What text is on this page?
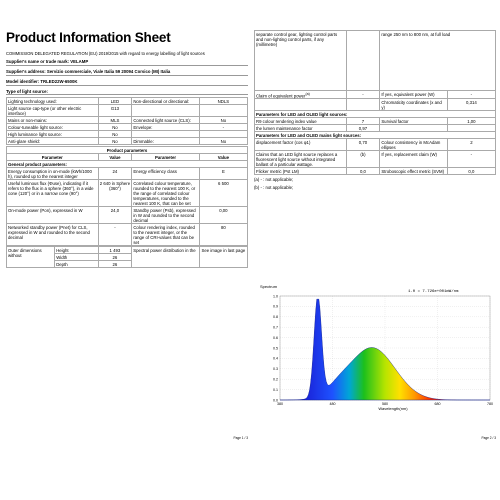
Product Information Sheet
COMMISSION DELEGATED REGULATION (EU) 2019/2015 with regard to energy labelling of light sources
Supplier's name or trade mark: VELAMP
Supplier's address: Servizio commerciale, Viale Italia 59 20094 Corsico (MI) Italia
Model identifier: TRLED22W-6500K
Type of light source:
Lighting technology used:	LED	Non-directional or directional:	NDLS
Light source cap-type (or other electric interface)	G13		
Mains or non-mains:	MLS	Connected light source (CLS):	No
Colour-tuneable light source:	No	Envelope:	-
High luminance light source:	No		
Anti-glare shield:	No	Dimmable:	No
Product parameters			
Parameter	Value	Parameter	Value
General product parameters:			
Energy consumption in on-mode (kWh/1000 h), rounded up to the nearest integer	24	Energy efficiency class	E
Useful luminous flux (Φuse), indicating if it refers to the flux in a sphere (360°), in a wide cone (120°) or in a narrow cone (90°)	2 640 in Sphere (360°)	Correlated colour temperature, rounded to the nearest 100 K, or the range of correlated colour temperatures, rounded to the nearest 100 K, that can be set	6 500
On-mode power (Pon), expressed in W	24,0	Standby power (Psb), expressed in W and rounded to the second decimal	0,00
Networked standby power (Pnet) for CLS, expressed in W and rounded to the second decimal	-	Colour rendering index, rounded to the nearest integer, or the range of CRI-values that can be set	80
Outer dimensions without	Height	1 493	Spectral power distribution in the	See image in last page
	Width	26		
	Depth	26		
Page 1 / 3
separate control gear, lighting control parts and non-lighting control parts, if any (millimetre)		range 250 nm to 800 nm, at full load	
Claim of equivalent power$^{(a)}$	-	If yes, equivalent power (W)	-
		Chromaticity coordinates (x and y)	0,314
Parameters for LED and OLED light sources:			
R9 colour rendering index value	7	Survival factor	1,00
the lumen maintenance factor	0,97		
Parameters for LED and OLED mains light sources:			
displacement factor (cos φ1)	0,70	Colour consistency in McAdam ellipses	2
Claims that an LED light source replaces a fluorescent light source without integrated ballast of a particular wattage.	(b)	If yes, replacement claim (W)	-
Flicker metric (Pst LM)	0,0	Stroboscopic effect metric (SVM)	0,0
(a) - : not applicable;
(b) - : not applicable;
Spectrum
1.0 = 7.726e+001mW/nm
1.0
0.9
0.8
0.7
0.6
0.5
0.4
0.3
0.2
0.1
0.0
380	480	580	680	780
Wavelength(nm)
Page 2 / 3
